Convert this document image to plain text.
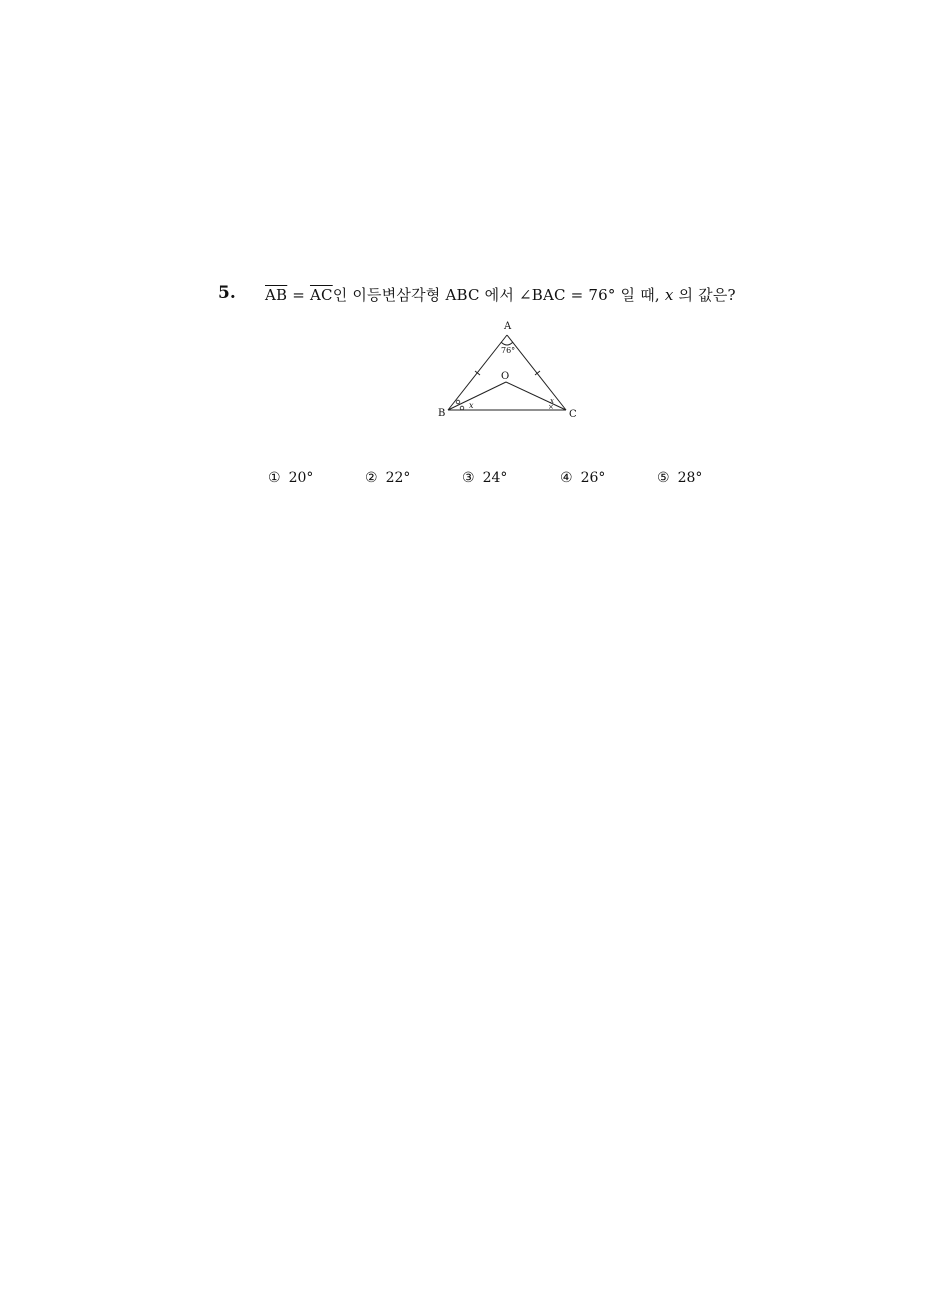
5. $\overline{AB} = \overline{AC}$인 이등변삼각형 ABC 에서 ∠BAC = 76° 일 때, x 의 값은?
×
A
B	C
O
76°
x	x
① 20°	② 22°	③ 24°	④ 26°	⑤ 28°
